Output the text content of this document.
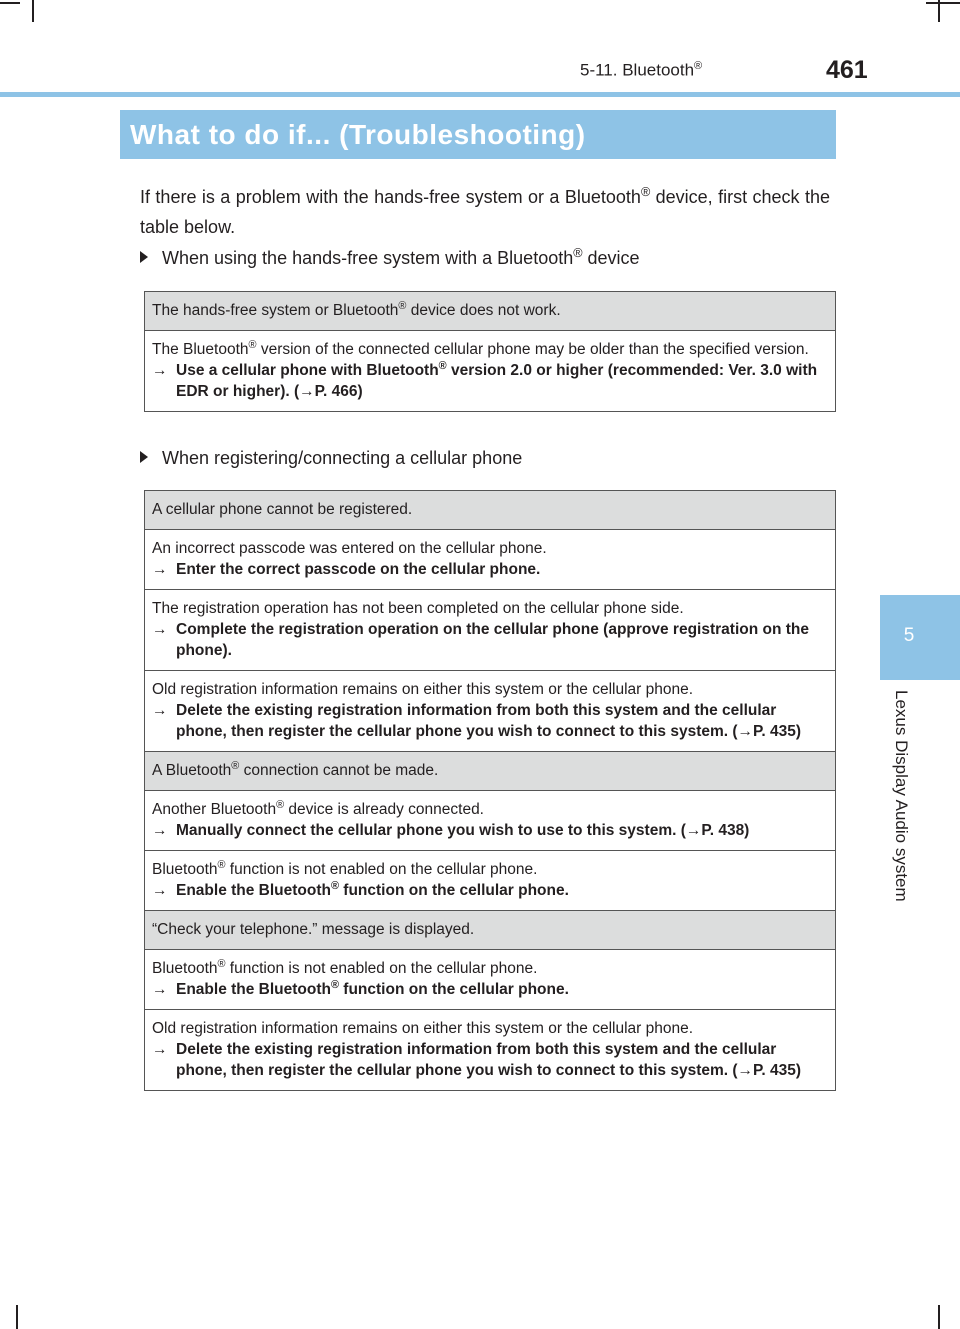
5-11. Bluetooth®	461
5
Lexus Display Audio system
What to do if... (Troubleshooting)
If there is a problem with the hands-free system or a Bluetooth® device, first check the table below.
When using the hands-free system with a Bluetooth® device
The hands-free system or Bluetooth® device does not work.

The Bluetooth® version of the connected cellular phone may be older than the specified version.
→ Use a cellular phone with Bluetooth® version 2.0 or higher (recommended: Ver. 3.0 with EDR or higher). (→P. 466)
When registering/connecting a cellular phone
A cellular phone cannot be registered.

An incorrect passcode was entered on the cellular phone.
→ Enter the correct passcode on the cellular phone.

The registration operation has not been completed on the cellular phone side.
→ Complete the registration operation on the cellular phone (approve registration on the phone).

Old registration information remains on either this system or the cellular phone.
→ Delete the existing registration information from both this system and the cellular phone, then register the cellular phone you wish to connect to this system. (→P. 435)

A Bluetooth® connection cannot be made.

Another Bluetooth® device is already connected.
→ Manually connect the cellular phone you wish to use to this system. (→P. 438)

Bluetooth® function is not enabled on the cellular phone.
→ Enable the Bluetooth® function on the cellular phone.

“Check your telephone.” message is displayed.

Bluetooth® function is not enabled on the cellular phone.
→ Enable the Bluetooth® function on the cellular phone.

Old registration information remains on either this system or the cellular phone.
→ Delete the existing registration information from both this system and the cellular phone, then register the cellular phone you wish to connect to this system. (→P. 435)
